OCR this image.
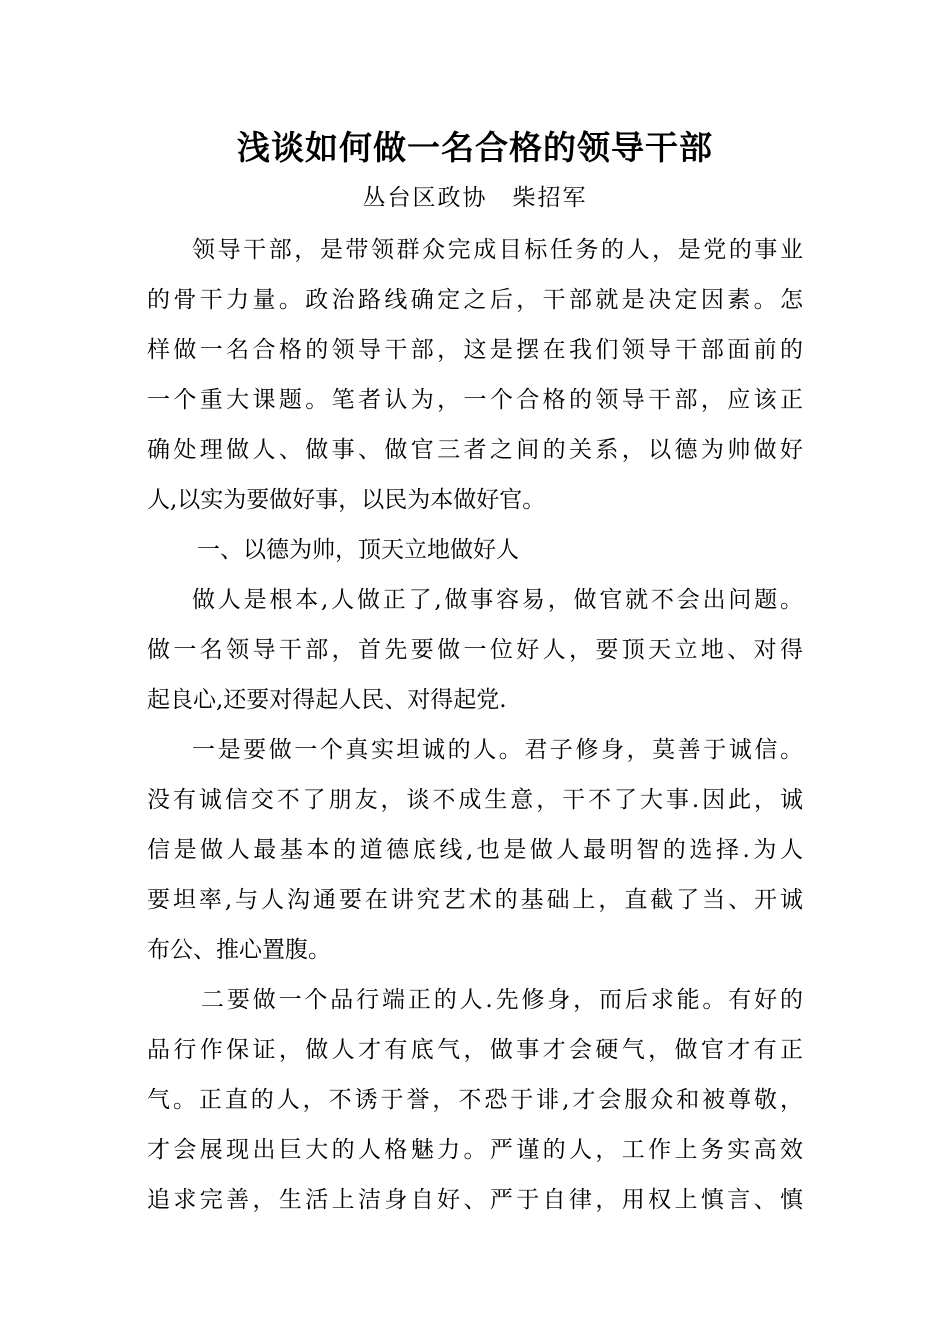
浅谈如何做一名合格的领导干部
丛台区政协　柴招军
领导干部，是带领群众完成目标任务的人，是党的事业
的骨干力量。政治路线确定之后，干部就是决定因素。怎
样做一名合格的领导干部，这是摆在我们领导干部面前的
一个重大课题。笔者认为，一个合格的领导干部，应该正
确处理做人、做事、做官三者之间的关系，以德为帅做好
人,以实为要做好事，以民为本做好官。
一、以德为帅，顶天立地做好人
做人是根本,人做正了,做事容易，做官就不会出问题。
做一名领导干部，首先要做一位好人，要顶天立地、对得
起良心,还要对得起人民、对得起党.
一是要做一个真实坦诚的人。君子修身，莫善于诚信。
没有诚信交不了朋友，谈不成生意，干不了大事.因此，诚
信是做人最基本的道德底线,也是做人最明智的选择.为人
要坦率,与人沟通要在讲究艺术的基础上，直截了当、开诚
布公、推心置腹。
二要做一个品行端正的人.先修身，而后求能。有好的
品行作保证，做人才有底气，做事才会硬气，做官才有正
气。正直的人，不诱于誉，不恐于诽,才会服众和被尊敬，
才会展现出巨大的人格魅力。严谨的人，工作上务实高效
追求完善，生活上洁身自好、严于自律，用权上慎言、慎
